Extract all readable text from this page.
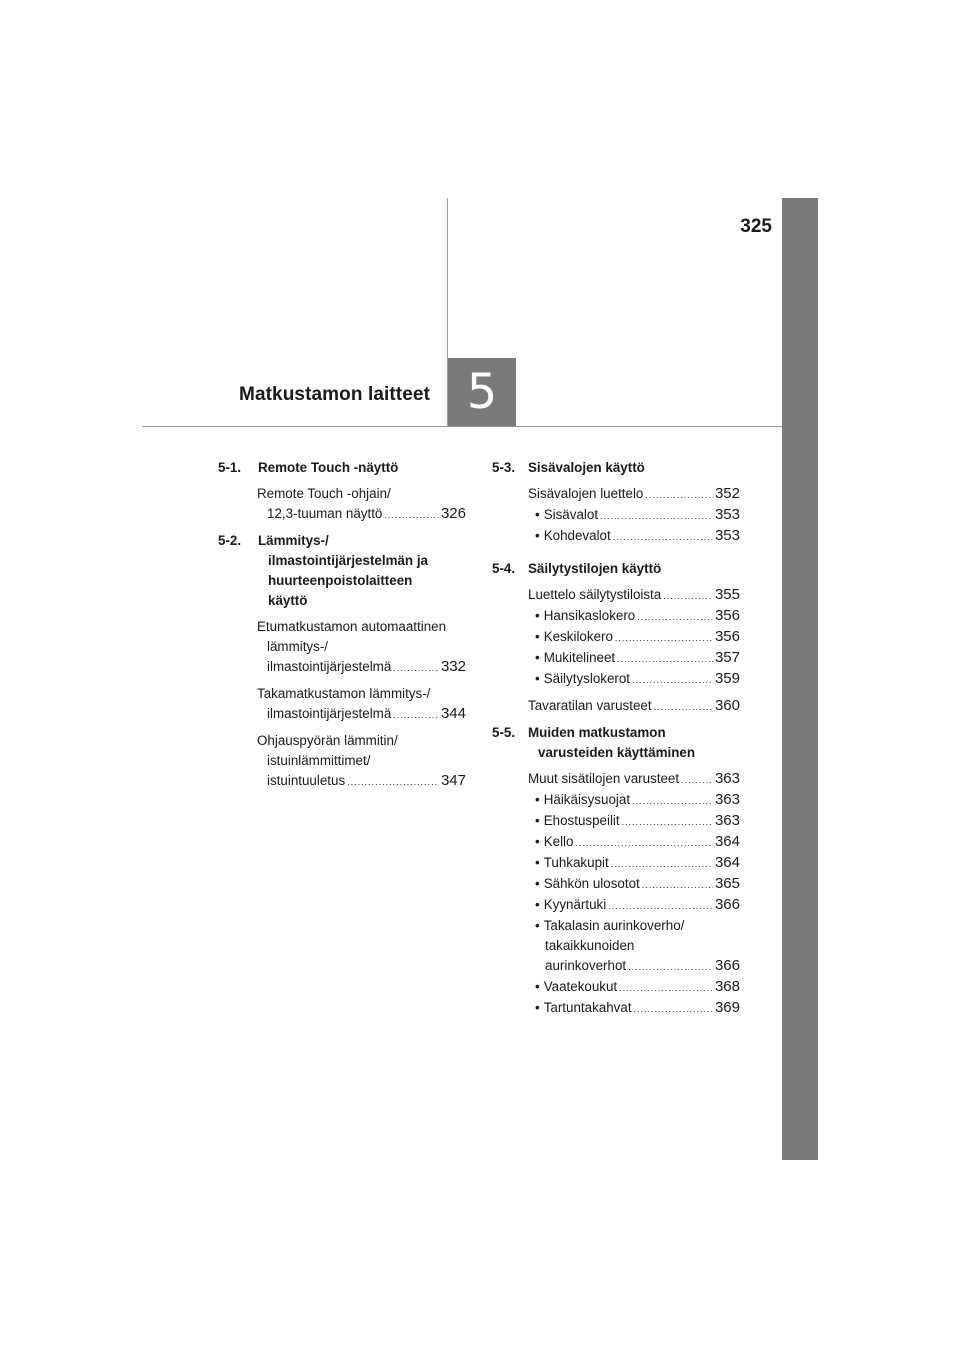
325
Matkustamon laitteet 5
5-1.	Remote Touch -näyttö
Remote Touch -ohjain/
12,3-tuuman näyttö .....	326
5-2.	Lämmitys-/
ilmastointijärjestelmän ja
huurteenpoistolaitteen
käyttö
Etumatkustamon automaattinen
lämmitys-/
ilmastointijärjestelmä .....	332
Takamatkustamon lämmitys-/
ilmastointijärjestelmä .....	344
Ohjauspyörän lämmitin/
istuinlämmittimet/
istuintuuletus .....	347
5-3. Sisävalojen käyttö
Sisävalojen luettelo .....	352
• Sisävalot .....	353
• Kohdevalot .....	353
5-4. Säilytystilojen käyttö
Luettelo säilytystiloista .....	355
• Hansikaslokero .....	356
• Keskilokero .....	356
• Mukitelineet .....	357
• Säilytyslokerot .....	359
Tavaratilan varusteet .....	360
5-5. Muiden matkustamon
varusteiden käyttäminen
Muut sisätilojen varusteet ..... 363
• Häikäisysuojat .....	363
• Ehostuspeilit .....	363
• Kello .....	364
• Tuhkakupit .....	364
• Sähkön ulosotot .....	365
• Kyynärtuki .....	366
• Takalasin aurinkoverho/
takaikkunoiden
aurinkoverhot .....	366
• Vaatekoukut .....	368
• Tartuntakahvat .....	369
